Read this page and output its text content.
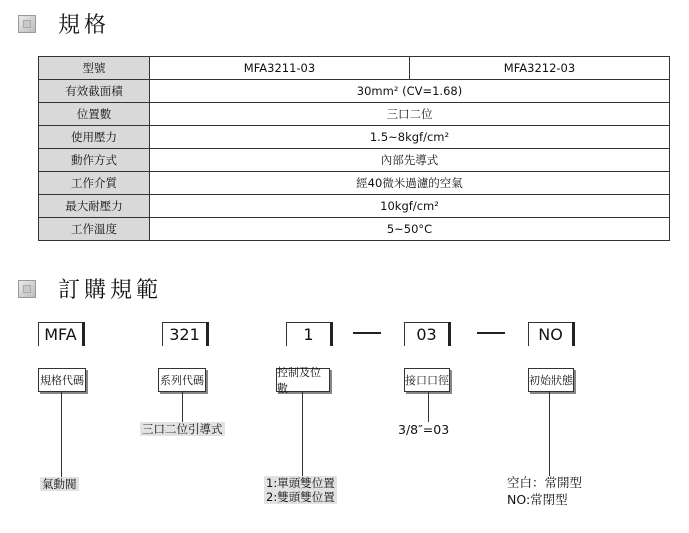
規格
型號	MFA3211-03	MFA3212-03
有效截面積	30mm² (CV=1.68)	
位置數	三口二位	
使用壓力	1.5~8kgf/cm²	
動作方式	內部先導式	
工作介質	經40微米過濾的空氣	
最大耐壓力	10kgf/cm²	
工作溫度	5~50°C	
訂購規範
MFA	321	1	03	NO
規格代碼	系列代碼
控制及位數
接口口徑	初始狀態
氣動閥
三口二位引導式
1:單頭雙位置
2:雙頭雙位置
3/8″=03
空白：常開型
NO:常閉型
